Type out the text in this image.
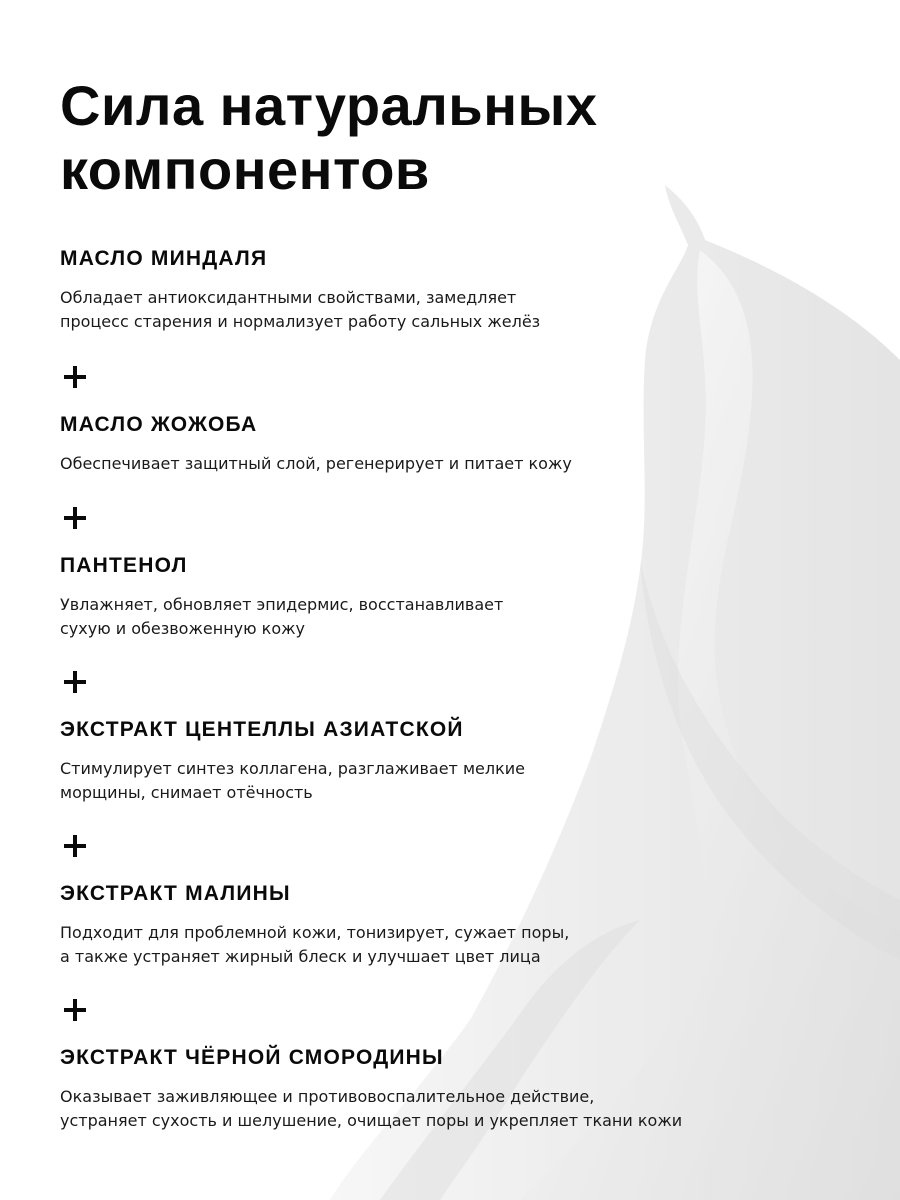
Сила натуральных
компонентов
МАСЛО МИНДАЛЯ

Обладает антиоксидантными свойствами, замедляет
процесс старения и нормализует работу сальных желёз

МАСЛО ЖОЖОБА

Обеспечивает защитный слой, регенерирует и питает кожу

ПАНТЕНОЛ

Увлажняет, обновляет эпидермис, восстанавливает
сухую и обезвоженную кожу

ЭКСТРАКТ ЦЕНТЕЛЛЫ АЗИАТСКОЙ

Стимулирует синтез коллагена, разглаживает мелкие
морщины, снимает отёчность

ЭКСТРАКТ МАЛИНЫ

Подходит для проблемной кожи, тонизирует, сужает поры,
а также устраняет жирный блеск и улучшает цвет лица

ЭКСТРАКТ ЧЁРНОЙ СМОРОДИНЫ

Оказывает заживляющее и противовоспалительное действие,
устраняет сухость и шелушение, очищает поры и укрепляет ткани кожи
